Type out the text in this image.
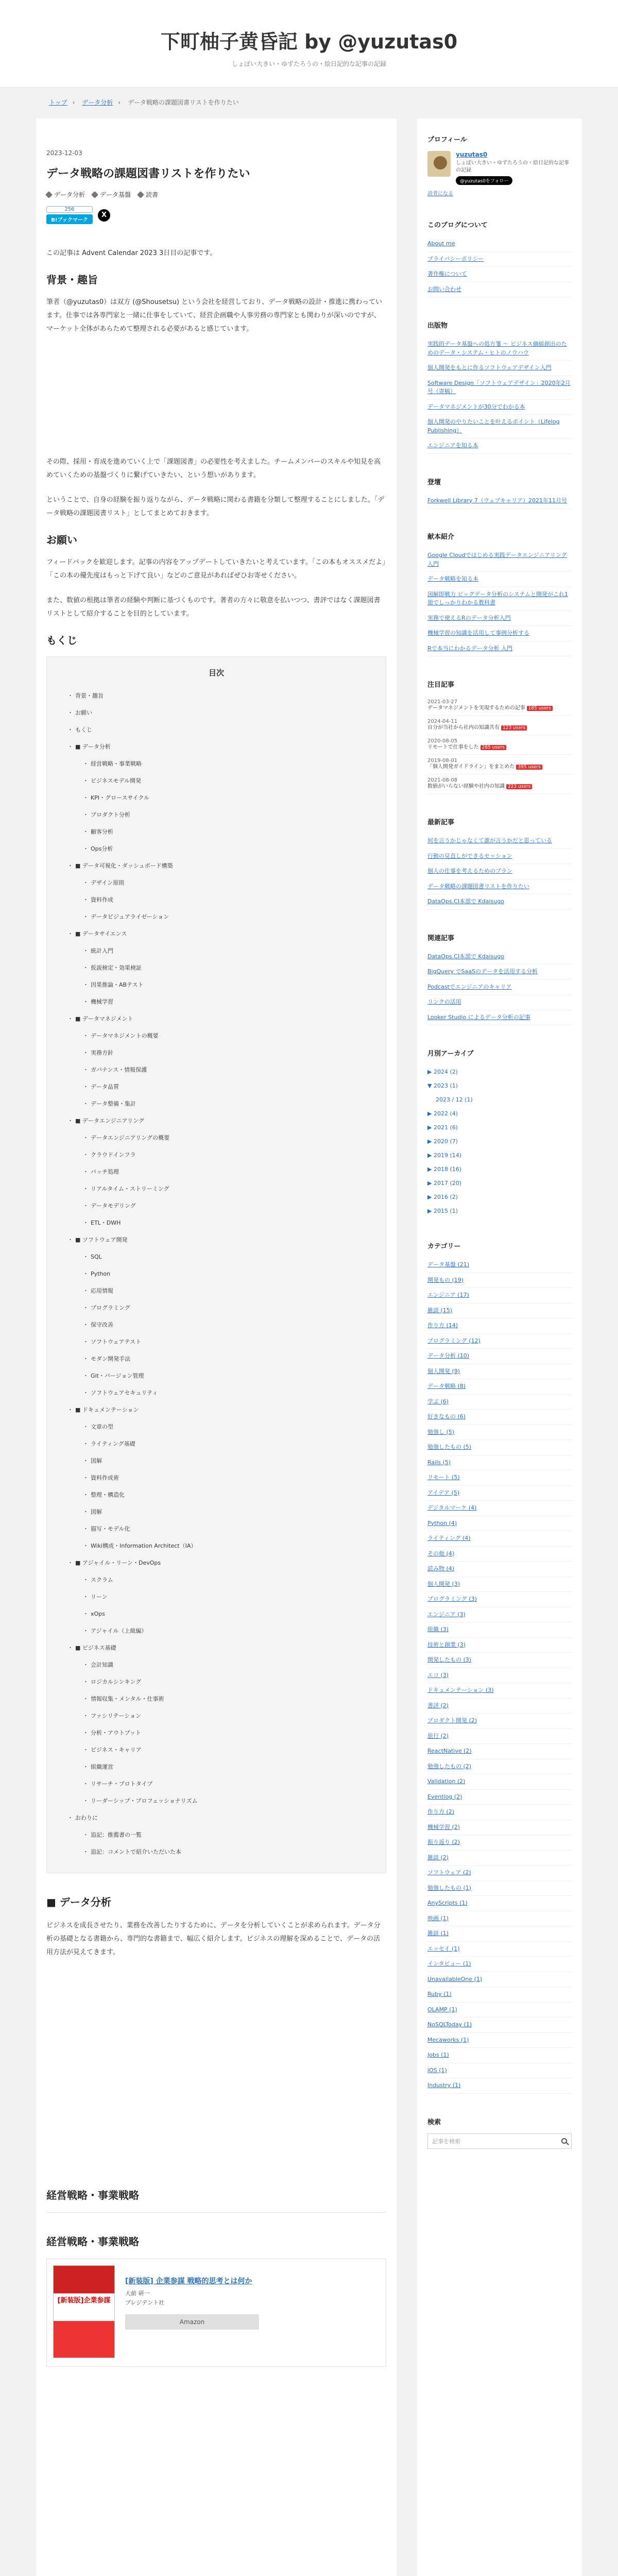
下町柚子黄昏記 by @yuzutas0
しょぼい大きい・ゆずたろうの・絵日記的な記事の記録
トップ › データ分析 › データ戦略の課題図書リストを作りたい
2023-12-03
データ戦略の課題図書リストを作りたい
データ分析 データ基盤 読書
256
B!ブックマーク
X

この記事は Advent Calendar 2023 3日目の記事です。

背景・趣旨

筆者（@yuzutas0）は双方 (@Shousetsu) という会社を経営しており、データ戦略の設計・推進に携わっています。仕事では各専門家と一緒に仕事をしていて、経営企画職や人事労務の専門家とも関わりが深いのですが、マーケット全体があらためて整理される必要があると感じています。

その際、採用・育成を進めていく上で「課題図書」の必要性を考えました。チームメンバーのスキルや知見を高めていくための基盤づくりに繋げていきたい、という想いがあります。

ということで、自身の経験を振り返りながら、データ戦略に関わる書籍を分類して整理することにしました。「データ戦略の課題図書リスト」としてまとめておきます。

お願い

フィードバックを歓迎します。記事の内容をアップデートしていきたいと考えています。「この本もオススメだよ」「この本の優先度はもっと下げて良い」などのご意見があればぜひお寄せください。

また、数値の根拠は筆者の経験や判断に基づくものです。著者の方々に敬意を払いつつ、書評ではなく課題図書リストとして紹介することを目的としています。

もくじ
目次
・ 背景・趣旨
・ お願い
・ もくじ
・ ■ データ分析
・ 経営戦略・事業戦略
・ ビジネスモデル開発
・ KPI・グロースサイクル
・ プロダクト分析
・ 顧客分析
・ Ops分析
・ ■ データ可視化・ダッシュボード構築
・ デザイン原則
・ 資料作成
・ データビジュアライゼーション
・ ■ データサイエンス
・ 統計入門
・ 仮説検定・効果検証
・ 因果推論・ABテスト
・ 機械学習
・ ■ データマネジメント
・ データマネジメントの概要
・ 実務方針
・ ガバナンス・情報保護
・ データ品質
・ データ整備・集計
・ ■ データエンジニアリング
・ データエンジニアリングの概要
・ クラウドインフラ
・ バッチ処理
・ リアルタイム・ストリーミング
・ データモデリング
・ ETL・DWH
・ ■ ソフトウェア開発
・ SQL
・ Python
・ 応用情報
・ プログラミング
・ 保守改善
・ ソフトウェアテスト
・ モダン開発手法
・ Git・バージョン管理
・ ソフトウェアセキュリティ
・ ■ ドキュメンテーション
・ 文章の型
・ ライティング基礎
・ 図解
・ 資料作成術
・ 整理・構造化
・ 図解
・ 描写・モデル化
・ Wiki構成・Information Architect（IA）
・ ■ アジャイル・リーン・DevOps
・ スクラム
・ リーン
・ xOps
・ アジャイル（上級編）
・ ■ ビジネス基礎
・ 会計知識
・ ロジカルシンキング
・ 情報収集・メンタル・仕事術
・ ファシリテーション
・ 分析・アウトプット
・ ビジネス・キャリア
・ 組織運営
・ リサーチ・プロトタイプ
・ リーダーシップ・プロフェッショナリズム
・ おわりに
・ 追記：推薦書の一覧
・ 追記：コメントで紹介いただいた本
■ データ分析

ビジネスを成長させたり、業務を改善したりするために、データを分析していくことが求められます。データ分析の基礎となる書籍から、専門的な書籍まで、幅広く紹介します。ビジネスの理解を深めることで、データの活用方法が見えてきます。

経営戦略・事業戦略
経営戦略・事業戦略
[新装版]企業参謀
[新装版] 企業参謀 戦略的思考とは何か
大前 研一
プレジデント社
Amazon
プロフィール
yuzutas0
しょぼい大きい・ゆずたろうの・絵日記的な記事の記録
@yuzutas0をフォロー
読者になる
このブログについて
About me
プライバシーポリシー
著作権について
お問い合わせ
出版物
実践的データ基盤への処方箋 〜 ビジネス価値創出のためのデータ・システム・ヒトのノウハウ
個人開発をもとに作るソフトウェアデザイン入門
Software Design「ソフトウェアデザイン」2020年2月号（寄稿）
データマネジメントが30分でわかる本
個人開発のやりたいことを叶えるポイント（Lifelog Publishing）
エンジニアを知る本
登壇
Forkwell Library 7（ウェブキャリア）2021年11月号
献本紹介
Google Cloudではじめる実践データエンジニアリング入門
データ戦略を知る本
図解即戦力 ビッグデータ分析のシステムと開発がこれ1冊でしっかりわかる教科書
実務で使えるRのデータ分析入門
機械学習の知識を活用して事例分析する
Rで本当にわかるデータ分析 入門
注目記事
2021-03-27
データマネジメントを実現するための記事 185 users
2024-04-11
自分が当社から社内の知識共有 123 users
2020-08-05
リモートで仕事をした 285 users
2019-08-01
「個人開発ガイドライン」をまとめた 395 users
2021-08-08
数値がいらない経験や社内の知識 223 users
最新記事
何を言うかじゃなくて誰が言うかだと思っている
行動の見直しができるセッション
個人の仕事を考えるためのプラン
データ戦略の課題図書リストを作りたい
DataOps.CI本部で Kdaisugo
関連記事
DataOps.CI本部で Kdaisugo
BigQuery でSaaSのデータを活用する分析
Podcastでエンジニアのキャリア
リンクの活用
Looker Studio によるデータ分析の記事
月別アーカイブ
▶ 2024 (2)
▼ 2023 (1)
2023 / 12 (1)
▶ 2022 (4)
▶ 2021 (6)
▶ 2020 (7)
▶ 2019 (14)
▶ 2018 (16)
▶ 2017 (20)
▶ 2016 (2)
▶ 2015 (1)
カテゴリー
データ基盤 (21)
開発もの (19)
エンジニア (17)
雑談 (15)
作り方 (14)
プログラミング (12)
データ分析 (10)
個人開発 (9)
データ戦略 (8)
学ぶ (6)
好きなもの (6)
勉強し (5)
勉強したもの (5)
Rails (5)
リモート (5)
アイデア (5)
デジタルマーケ (4)
Python (4)
ライティング (4)
その他 (4)
読み物 (4)
個人開発 (3)
プログラミング (3)
エンジニア (3)
組織 (3)
技術と創業 (3)
開発したもの (3)
エコ (3)
ドキュメンテーション (3)
書評 (2)
プロダクト開発 (2)
旅行 (2)
ReactNative (2)
勉強したもの (2)
Validation (2)
Eventlog (2)
作り方 (2)
機械学習 (2)
振り返り (2)
雑談 (2)
ソフトウェア (2)
勉強したもの (1)
AnyScripts (1)
映画 (1)
雑談 (1)
エッセイ (1)
インタビュー (1)
UnavailableOne (1)
Ruby (1)
OLAMP (1)
NoSQLToday (1)
Mecaworks (1)
Jobs (1)
iOS (1)
Industry (1)
検索
記事を検索
